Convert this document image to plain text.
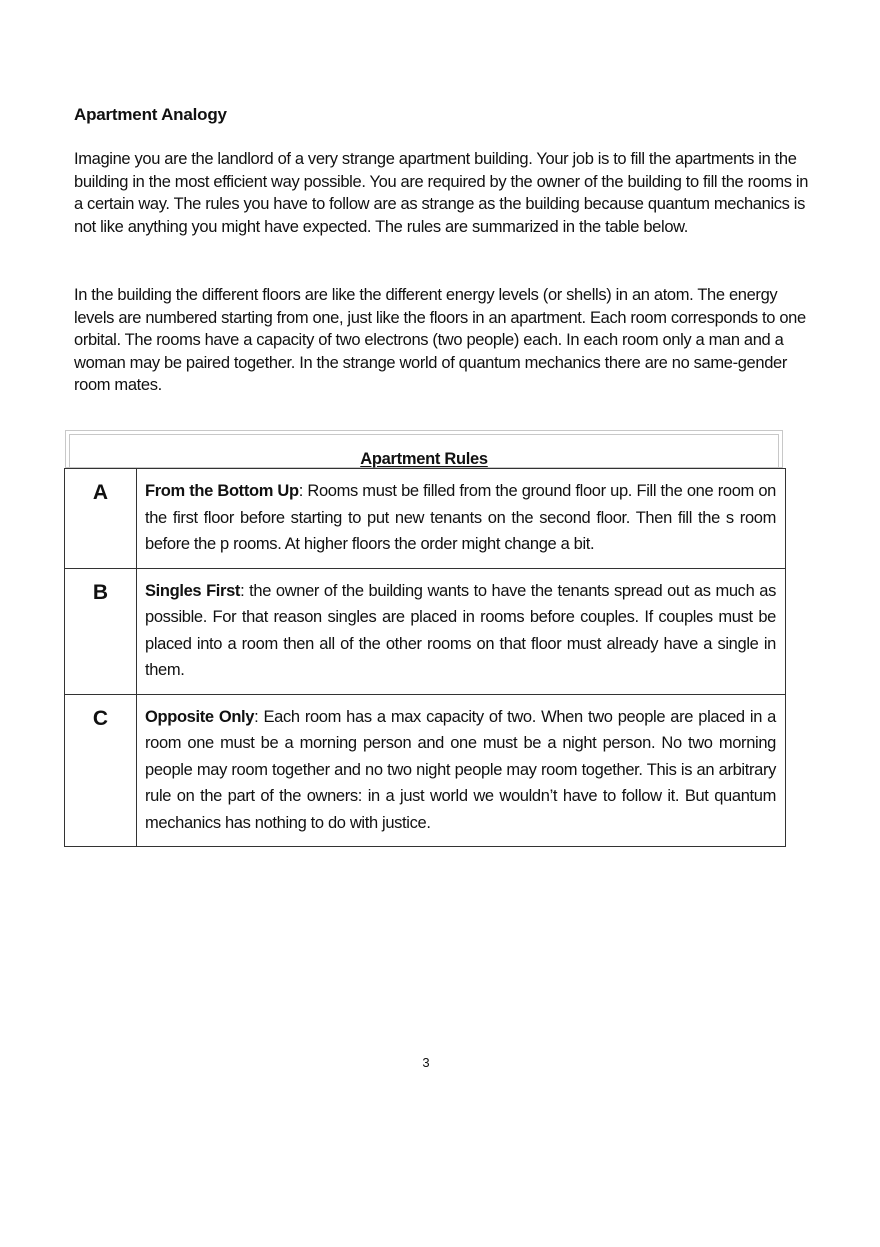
Apartment Analogy

Imagine you are the landlord of a very strange apartment building. Your job is to fill the apartments in the building in the most efficient way possible. You are required by the owner of the building to fill the rooms in a certain way. The rules you have to follow are as strange as the building because quantum mechanics is not like anything you might have expected. The rules are summarized in the table below.

In the building the different floors are like the different energy levels (or shells) in an atom. The energy levels are numbered starting from one, just like the floors in an apartment. Each room corresponds to one orbital. The rooms have a capacity of two electrons (two people) each. In each room only a man and a woman may be paired together. In the strange world of quantum mechanics there are no same-gender room mates.

Apartment Rules
A	From the Bottom Up: Rooms must be filled from the ground floor up. Fill the one room on the first floor before starting to put new tenants on the second floor. Then fill the s room before the p rooms. At higher floors the order might change a bit.
B	Singles First: the owner of the building wants to have the tenants spread out as much as possible. For that reason singles are placed in rooms before couples. If couples must be placed into a room then all of the other rooms on that floor must already have a single in them.
C	Opposite Only: Each room has a max capacity of two. When two people are placed in a room one must be a morning person and one must be a night person. No two morning people may room together and no two night people may room together. This is an arbitrary rule on the part of the owners: in a just world we wouldn’t have to follow it. But quantum mechanics has nothing to do with justice.
3
